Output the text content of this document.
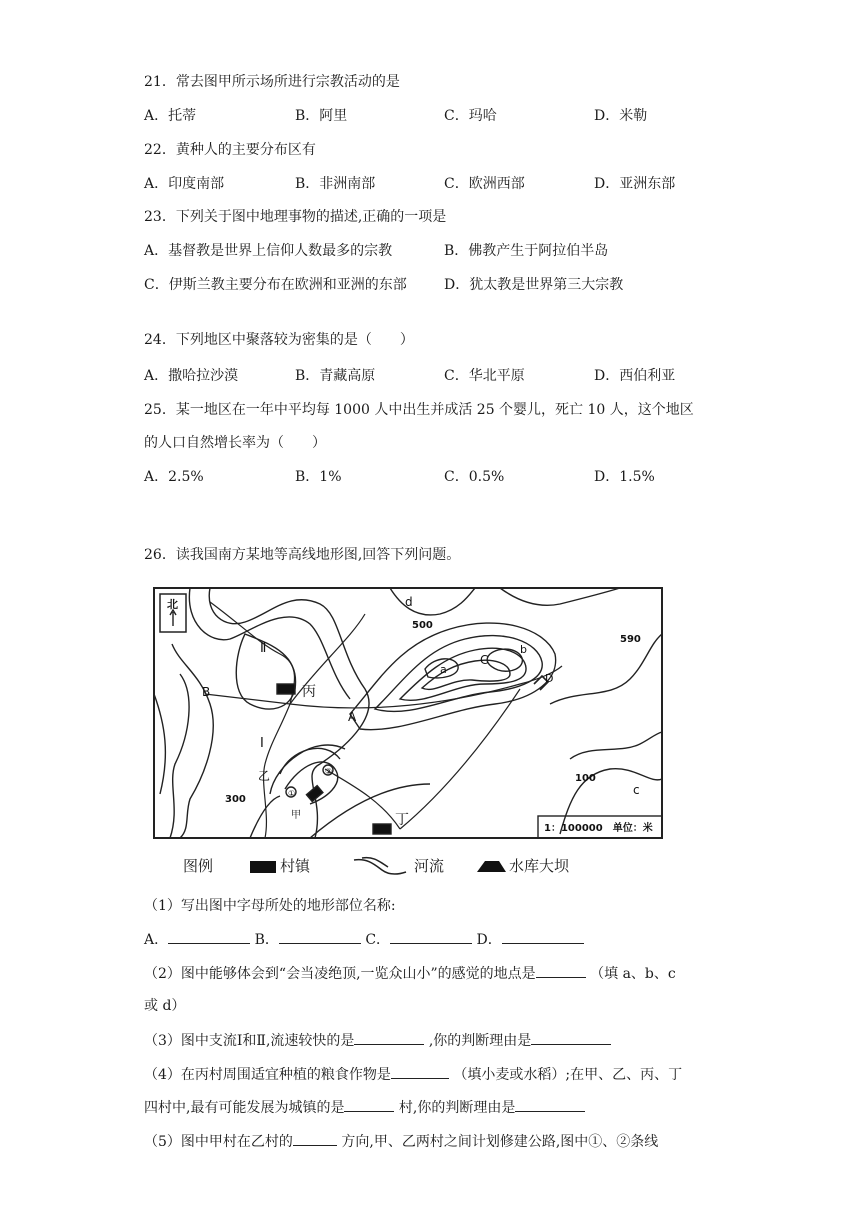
21．常去图甲所示场所进行宗教活动的是
A．托蒂	B．阿里	C．玛哈	D．米勒
22．黄种人的主要分布区有
A．印度南部	B．非洲南部	C．欧洲西部	D．亚洲东部
23．下列关于图中地理事物的描述,正确的一项是
A．基督教是世界上信仰人数最多的宗教	B．佛教产生于阿拉伯半岛
C．伊斯兰教主要分布在欧洲和亚洲的东部	D．犹太教是世界第三大宗教
24．下列地区中聚落较为密集的是（　　）
A．撒哈拉沙漠	B．青藏高原	C．华北平原	D．西伯利亚
25．某一地区在一年中平均每 1000 人中出生并成活 25 个婴儿，死亡 10 人，这个地区
的人口自然增长率为（　　）
A．2.5%	B．1%	C．0.5%	D．1.5%
26．读我国南方某地等高线地形图,回答下列问题。
北	d
500
590
a
C
b
D
Ⅱ
B	丙
A
Ⅰ
乙
300
甲
①
②
100
c
丁
1：100000　单位：米
图例	村镇	河流	水库大坝
（1）写出图中字母所处的地形部位名称:
A．	B．	C．	D．
（2）图中能够体会到“会当凌绝顶,一览众山小”的感觉的地点是	（填 a、b、c
或 d）
（3）图中支流Ⅰ和Ⅱ,流速较快的是	,你的判断理由是
（4）在丙村周围适宜种植的粮食作物是	（填小麦或水稻）;在甲、乙、丙、丁
四村中,最有可能发展为城镇的是	村,你的判断理由是
（5）图中甲村在乙村的	方向,甲、乙两村之间计划修建公路,图中①、②条线
